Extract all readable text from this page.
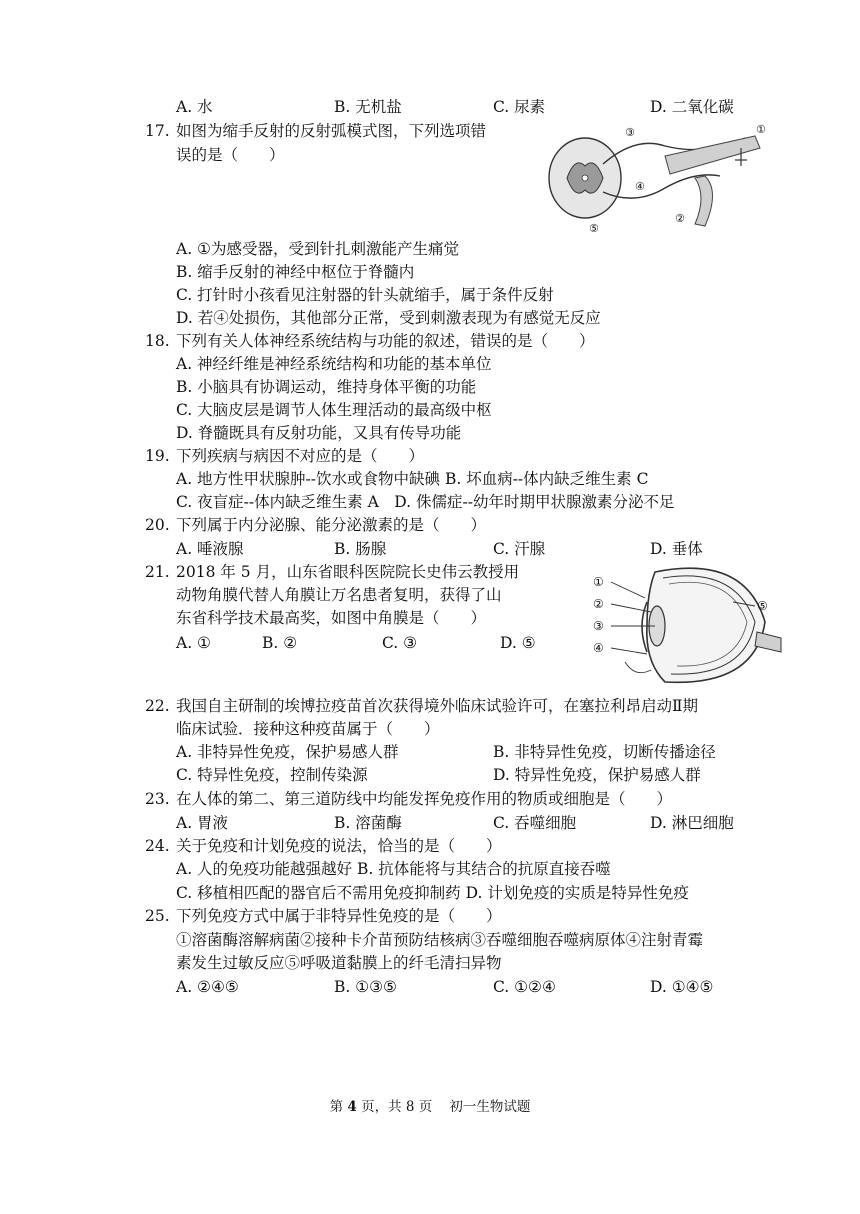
A. 水	B. 无机盐	C. 尿素	D. 二氧化碳
17. 如图为缩手反射的反射弧模式图，下列选项错
误的是（　　）
①
②
③
④
⑤
A. ①为感受器，受到针扎刺激能产生痛觉
B. 缩手反射的神经中枢位于脊髓内
C. 打针时小孩看见注射器的针头就缩手，属于条件反射
D. 若④处损伤，其他部分正常，受到刺激表现为有感觉无反应
18. 下列有关人体神经系统结构与功能的叙述，错误的是（　　）
A. 神经纤维是神经系统结构和功能的基本单位
B. 小脑具有协调运动，维持身体平衡的功能
C. 大脑皮层是调节人体生理活动的最高级中枢
D. 脊髓既具有反射功能，又具有传导功能
19. 下列疾病与病因不对应的是（　　）
A. 地方性甲状腺肿--饮水或食物中缺碘 B. 坏血病--体内缺乏维生素 C
C. 夜盲症--体内缺乏维生素 A　D. 侏儒症--幼年时期甲状腺激素分泌不足
20. 下列属于内分泌腺、能分泌激素的是（　　）
A. 唾液腺	B. 肠腺	C. 汗腺	D. 垂体
21. 2018 年 5 月，山东省眼科医院院长史伟云教授用
动物角膜代替人角膜让万名患者复明，获得了山
东省科学技术最高奖，如图中角膜是（　　）
A. ①	B. ②	C. ③	D. ⑤
①
②
③
④
⑤
22. 我国自主研制的埃博拉疫苗首次获得境外临床试验许可，在塞拉利昂启动Ⅱ期
临床试验．接种这种疫苗属于（　　）
A. 非特异性免疫，保护易感人群	B. 非特异性免疫，切断传播途径
C. 特异性免疫，控制传染源	D. 特异性免疫，保护易感人群
23. 在人体的第二、第三道防线中均能发挥免疫作用的物质或细胞是（　　）
A. 胃液	B. 溶菌酶	C. 吞噬细胞	D. 淋巴细胞
24. 关于免疫和计划免疫的说法，恰当的是（　　）
A. 人的免疫功能越强越好 B. 抗体能将与其结合的抗原直接吞噬
C. 移植相匹配的器官后不需用免疫抑制药 D. 计划免疫的实质是特异性免疫
25. 下列免疫方式中属于非特异性免疫的是（　　）
①溶菌酶溶解病菌②接种卡介苗预防结核病③吞噬细胞吞噬病原体④注射青霉
素发生过敏反应⑤呼吸道黏膜上的纤毛清扫异物
A. ②④⑤	B. ①③⑤	C. ①②④	D. ①④⑤
第 4 页，共 8 页 初一生物试题
